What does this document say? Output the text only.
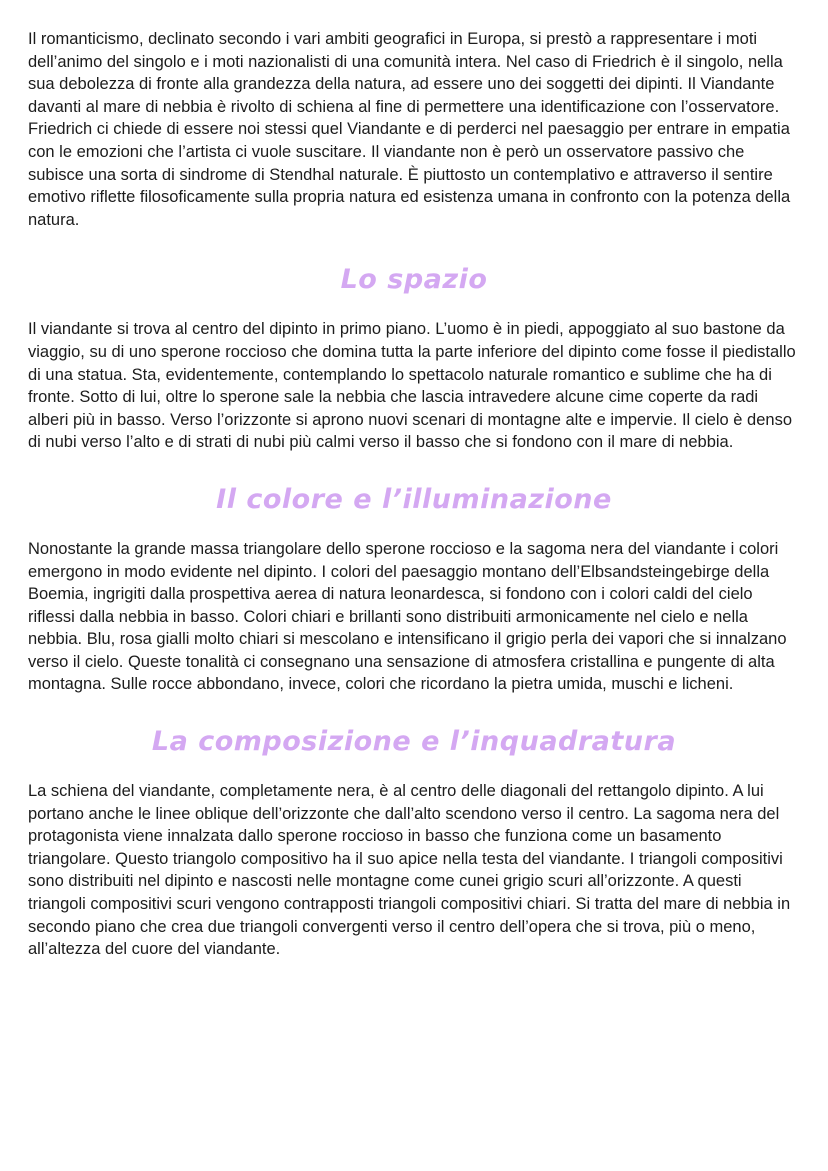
Il romanticismo, declinato secondo i vari ambiti geografici in Europa, si prestò a rappresentare i moti dell’animo del singolo e i moti nazionalisti di una comunità intera. Nel caso di Friedrich è il singolo, nella sua debolezza di fronte alla grandezza della natura, ad essere uno dei soggetti dei dipinti. Il Viandante davanti al mare di nebbia è rivolto di schiena al fine di permettere una identificazione con l’osservatore. Friedrich ci chiede di essere noi stessi quel Viandante e di perderci nel paesaggio per entrare in empatia con le emozioni che l’artista ci vuole suscitare. Il viandante non è però un osservatore passivo che subisce una sorta di sindrome di Stendhal naturale. È piuttosto un contemplativo e attraverso il sentire emotivo riflette filosoficamente sulla propria natura ed esistenza umana in confronto con la potenza della natura.

Lo spazio

Il viandante si trova al centro del dipinto in primo piano. L’uomo è in piedi, appoggiato al suo bastone da viaggio, su di uno sperone roccioso che domina tutta la parte inferiore del dipinto come fosse il piedistallo di una statua. Sta, evidentemente, contemplando lo spettacolo naturale romantico e sublime che ha di fronte. Sotto di lui, oltre lo sperone sale la nebbia che lascia intravedere alcune cime coperte da radi alberi più in basso. Verso l’orizzonte si aprono nuovi scenari di montagne alte e impervie. Il cielo è denso di nubi verso l’alto e di strati di nubi più calmi verso il basso che si fondono con il mare di nebbia.

Il colore e l’illuminazione

Nonostante la grande massa triangolare dello sperone roccioso e la sagoma nera del viandante i colori emergono in modo evidente nel dipinto. I colori del paesaggio montano dell’Elbsandsteingebirge della Boemia, ingrigiti dalla prospettiva aerea di natura leonardesca, si fondono con i colori caldi del cielo riflessi dalla nebbia in basso. Colori chiari e brillanti sono distribuiti armonicamente nel cielo e nella nebbia. Blu, rosa gialli molto chiari si mescolano e intensificano il grigio perla dei vapori che si innalzano verso il cielo. Queste tonalità ci consegnano una sensazione di atmosfera cristallina e pungente di alta montagna. Sulle rocce abbondano, invece, colori che ricordano la pietra umida, muschi e licheni.

La composizione e l’inquadratura

La schiena del viandante, completamente nera, è al centro delle diagonali del rettangolo dipinto. A lui portano anche le linee oblique dell’orizzonte che dall’alto scendono verso il centro. La sagoma nera del protagonista viene innalzata dallo sperone roccioso in basso che funziona come un basamento triangolare. Questo triangolo compositivo ha il suo apice nella testa del viandante. I triangoli compositivi sono distribuiti nel dipinto e nascosti nelle montagne come cunei grigio scuri all’orizzonte. A questi triangoli compositivi scuri vengono contrapposti triangoli compositivi chiari. Si tratta del mare di nebbia in secondo piano che crea due triangoli convergenti verso il centro dell’opera che si trova, più o meno, all’altezza del cuore del viandante.
